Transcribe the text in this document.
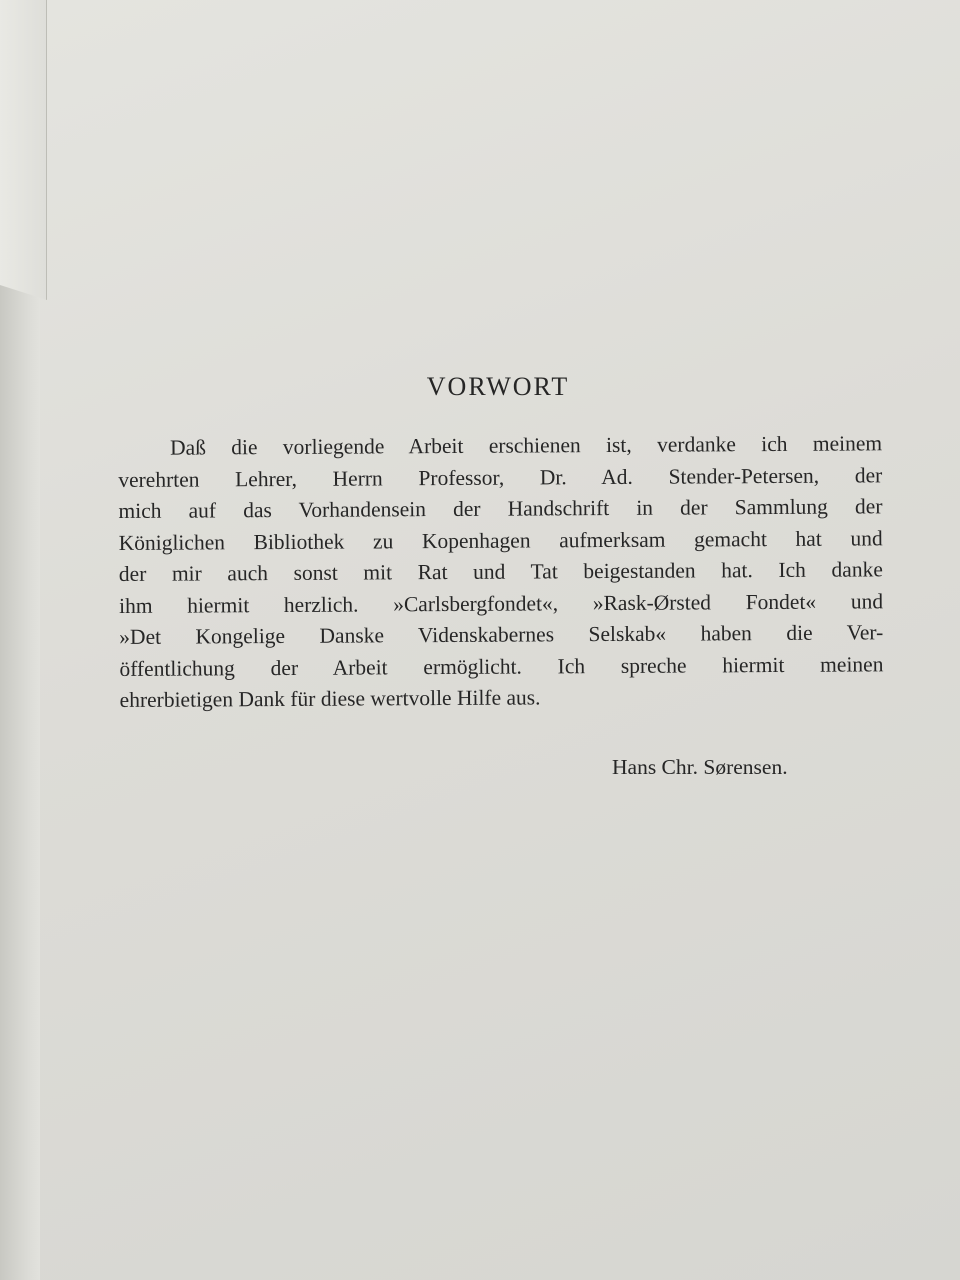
VORWORT
Daß die vorliegende Arbeit erschienen ist, verdanke ich meinem
verehrten Lehrer, Herrn Professor, Dr. Ad. Stender-Petersen, der
mich auf das Vorhandensein der Handschrift in der Sammlung der
Königlichen Bibliothek zu Kopenhagen aufmerksam gemacht hat und
der mir auch sonst mit Rat und Tat beigestanden hat. Ich danke
ihm hiermit herzlich. »Carlsbergfondet«, »Rask-Ørsted Fondet« und
»Det Kongelige Danske Videnskabernes Selskab« haben die Ver-
öffentlichung der Arbeit ermöglicht. Ich spreche hiermit meinen
ehrerbietigen Dank für diese wertvolle Hilfe aus.
Hans Chr. Sørensen.
